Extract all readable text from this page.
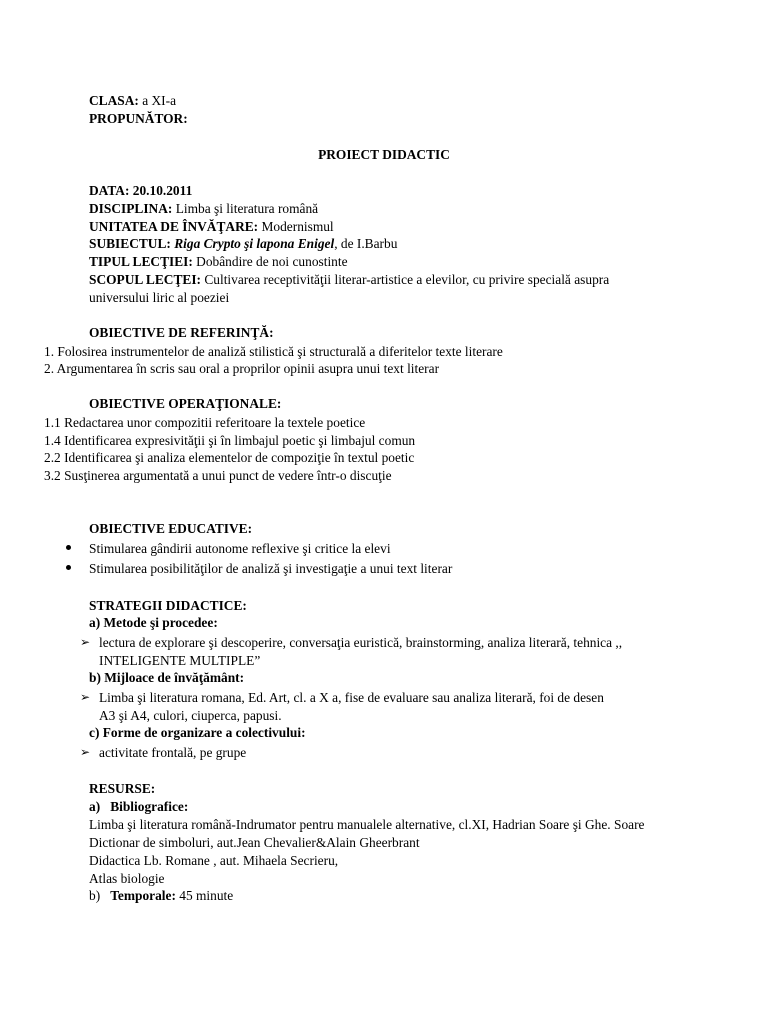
CLASA: a XI-a
PROPUNĂTOR:
PROIECT DIDACTIC
DATA: 20.10.2011
DISCIPLINA: Limba şi literatura română
UNITATEA DE ÎNVĂŢARE: Modernismul
SUBIECTUL: Riga Crypto şi lapona Enigel, de I.Barbu
TIPUL LECŢIEI: Dobândire de noi cunostinte
SCOPUL LECŢEI: Cultivarea receptivităţii literar-artistice a elevilor, cu privire specială asupra
universului liric al poeziei
OBIECTIVE DE REFERINŢĂ:
1. Folosirea instrumentelor de analiză stilistică şi structurală a diferitelor texte literare
2. Argumentarea în scris sau oral a proprilor opinii asupra unui text literar
OBIECTIVE OPERAŢIONALE:
1.1 Redactarea unor compozitii referitoare la textele poetice
1.4 Identificarea expresivităţii şi în limbajul poetic şi limbajul comun
2.2 Identificarea şi analiza elementelor de compoziţie în textul poetic
3.2 Susţinerea argumentată a unui punct de vedere într-o discuţie
OBIECTIVE EDUCATIVE:
Stimularea gândirii autonome reflexive şi critice la elevi
Stimularea posibilităţilor de analiză şi investigaţie a unui text literar
STRATEGII DIDACTICE:
a) Metode şi procedee:
➢ lectura de explorare şi descoperire, conversaţia euristică, brainstorming, analiza literară, tehnica ,,
INTELIGENTE MULTIPLE”
b) Mijloace de învăţământ:
➢ Limba şi literatura romana, Ed. Art, cl. a X a, fise de evaluare sau analiza literară, foi de desen
A3 şi A4, culori, ciuperca, papusi.
c) Forme de organizare a colectivului:
➢ activitate frontală, pe grupe
RESURSE:
a) Bibliografice:
Limba şi literatura română-Indrumator pentru manualele alternative, cl.XI, Hadrian Soare şi Ghe. Soare
Dictionar de simboluri, aut.Jean Chevalier&Alain Gheerbrant
Didactica Lb. Romane , aut. Mihaela Secrieru,
Atlas biologie
b) Temporale: 45 minute
